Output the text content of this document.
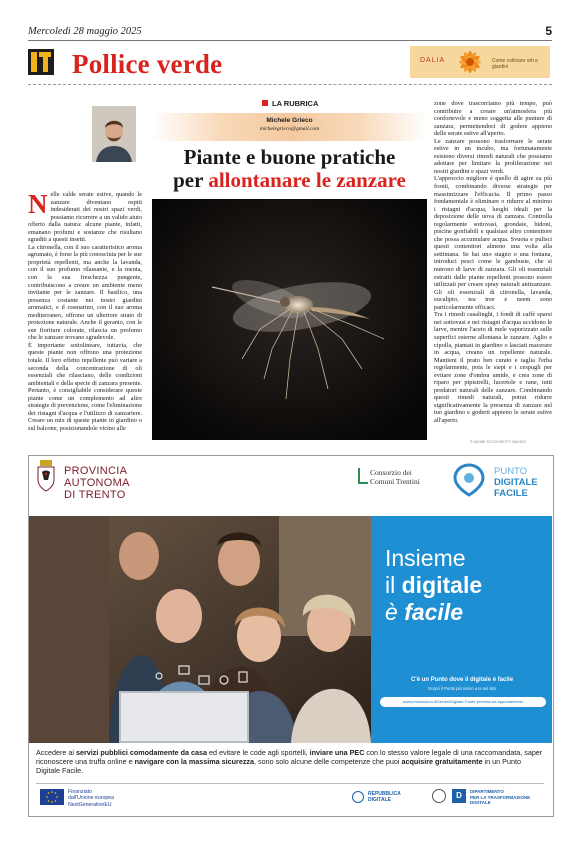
Mercoledì 28 maggio 2025	5
Pollice verde	DALIA	Come coltivare orti e giardini
LA RUBRICA
Michele Grieco
michelegrieco@gmail.com
Piante e buone pratiche
per allontanare le zanzare
N elle calde serate estive, quando le zanzare diventano ospiti indesiderati dei nostri spazi verdi, possiamo ricorrere a un valido aiuto offerto dalla natura: alcune piante, infatti, emanano profumi e sostanze che risultano sgraditi a questi insetti.

La citronella, con il suo caratteristico aroma agrumato, è forse la più conosciuta per le sue proprietà repellenti, ma anche la lavanda, con il suo profumo rilassante, e la menta, con la sua freschezza pungente, contribuiscono a creare un ambiente meno invitante per le zanzare. Il basilico, una presenza costante nei nostri giardini aromatici, e il rosmarino, con il suo aroma mediterraneo, offrono un ulteriore strato di protezione naturale. Anche il geranio, con le sue fioriture colorate, rilascia un profumo che le zanzare trovano sgradevole.

È importante sottolineare, tuttavia, che queste piante non offrono una protezione totale. Il loro effetto repellente può variare a seconda della concentrazione di oli essenziali che rilasciano, delle condizioni ambientali e della specie di zanzara presente. Pertanto, è consigliabile considerare queste piante come un complemento ad altre strategie di prevenzione, come l'eliminazione dei ristagni d'acqua e l'utilizzo di zanzariere. Creare un mix di queste piante in giardino o sul balcone, posizionandole vicino alle

© ADOBE STOCK/GETTY IMAGES

zone dove trascorriamo più tempo, può contribuire a creare un'atmosfera più confortevole e meno soggetta alle punture di zanzara, permettendoci di godere appieno delle serate estive all'aperto.

Le zanzare possono trasformare le serate estive in un incubo, ma fortunatamente esistono diversi rimedi naturali che possiamo adottare per limitare la proliferazione nei nostri giardini e spazi verdi.

L'approccio migliore è quello di agire su più fronti, combinando diverse strategie per massimizzare l'efficacia. Il primo passo fondamentale è eliminare o ridurre al minimo i ristagni d'acqua, luoghi ideali per la deposizione delle uova di zanzara. Controlla regolarmente sottovasi, grondaie, bidoni, piscine gonfiabili e qualsiasi altro contenitore che possa accumulare acqua. Svuota e pulisci questi contenitori almeno una volta alla settimana. Se hai uno stagno o una fontana, introduci pesci come le gambusie, che si nutrono di larve di zanzara. Gli oli essenziali estratti dalle piante repellenti possono essere utilizzati per creare spray naturali antizanzare. Gli oli essenziali di citronella, lavanda, eucalipto, tea tree e neem sono particolarmente efficaci.

Tra i rimedi casalinghi, i fondi di caffè sparsi nei sottovasi e nei ristagni d'acqua uccidono le larve, mentre l'aceto di mele vaporizzato sulle superfici esterne allontana le zanzare. Aglio e cipolla, piantati in giardino o lasciati macerare in acqua, creano un repellente naturale. Mantieni il prato ben curato e taglia l'erba regolarmente, pota le siepi e i cespugli per evitare zone d'ombra umide, e crea zone di riparo per pipistrelli, lucertole e rane, tutti predatori naturali delle zanzare. Combinando questi rimedi naturali, potrai ridurre significativamente la presenza di zanzare nel tuo giardino e goderti appieno le serate estive all'aperto.

PROVINCIA
AUTONOMA
DI TRENTO
Consorzio dei
Comuni Trentini
PUNTO
DIGITALE
FACILE
Insieme
il digitale
è facile
C'è un Punto dove il digitale è facile
Scopri il Punto più vicino a te sul sito
www.provincia.tn.it/Servizi/Digitale-Facile-prenota-un-appuntamento
Accedere ai servizi pubblici comodamente da casa ed evitare le code agli sportelli, inviare una PEC con lo stesso valore legale di una raccomandata, saper riconoscere una truffa online e navigare con la massima sicurezza, sono solo alcune delle competenze che puoi acquisire gratuitamente in un Punto Digitale Facile.
Finanziato
dall'Unione europea
NextGenerationEU
REPUBBLICA
DIGITALE	D	DIPARTIMENTO
PER LA TRASFORMAZIONE
DIGITALE
